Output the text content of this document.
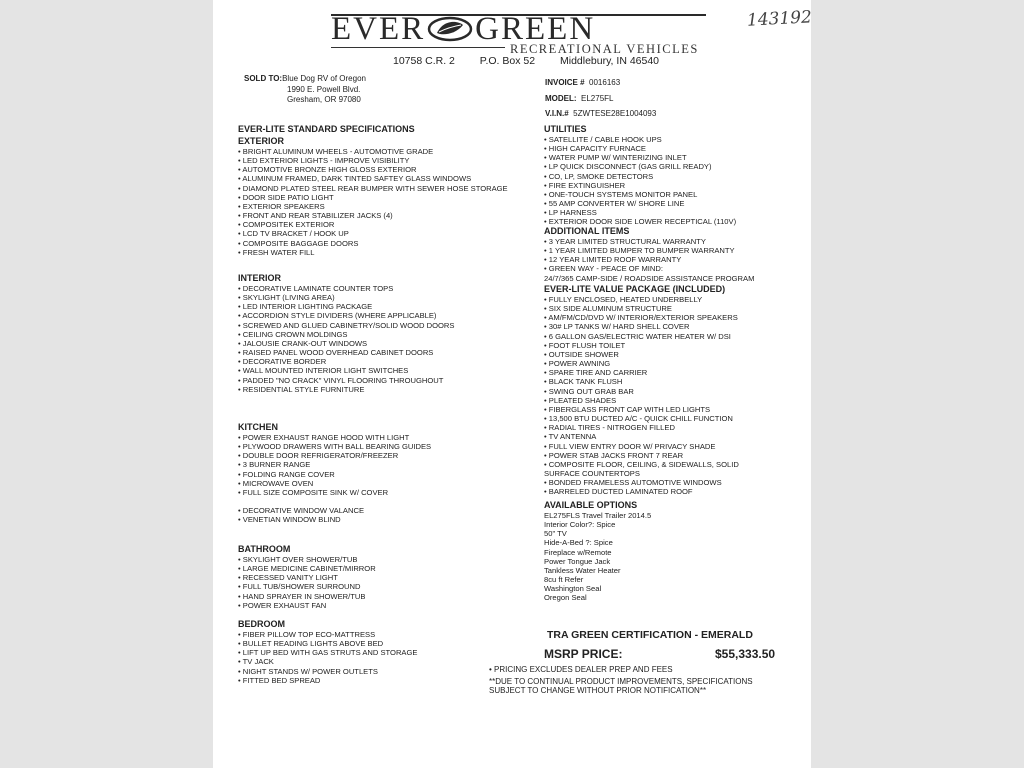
EVER GREEN
RECREATIONAL VEHICLES
10758 C.R. 2 P.O. Box 52 Middlebury, IN 46540
143192
SOLD TO:Blue Dog RV of Oregon
1990 E. Powell Blvd.
Gresham, OR 97080
INVOICE # 0016163
MODEL: EL275FL
V.I.N.# 5ZWTESE28E1004093
EVER-LITE STANDARD SPECIFICATIONS
EXTERIOR
• BRIGHT ALUMINUM WHEELS - AUTOMOTIVE GRADE
• LED EXTERIOR LIGHTS - IMPROVE VISIBILITY
• AUTOMOTIVE BRONZE HIGH GLOSS EXTERIOR
• ALUMINUM FRAMED, DARK TINTED SAFTEY GLASS WINDOWS
• DIAMOND PLATED STEEL REAR BUMPER WITH SEWER HOSE STORAGE
• DOOR SIDE PATIO LIGHT
• EXTERIOR SPEAKERS
• FRONT AND REAR STABILIZER JACKS (4)
• COMPOSITEK EXTERIOR
• LCD TV BRACKET / HOOK UP
• COMPOSITE BAGGAGE DOORS
• FRESH WATER FILL
INTERIOR
• DECORATIVE LAMINATE COUNTER TOPS
• SKYLIGHT (LIVING AREA)
• LED INTERIOR LIGHTING PACKAGE
• ACCORDION STYLE DIVIDERS (WHERE APPLICABLE)
• SCREWED AND GLUED CABINETRY/SOLID WOOD DOORS
• CEILING CROWN MOLDINGS
• JALOUSIE CRANK-OUT WINDOWS
• RAISED PANEL WOOD OVERHEAD CABINET DOORS
• DECORATIVE BORDER
• WALL MOUNTED INTERIOR LIGHT SWITCHES
• PADDED "NO CRACK" VINYL FLOORING THROUGHOUT
• RESIDENTIAL STYLE FURNITURE
KITCHEN
• POWER EXHAUST RANGE HOOD WITH LIGHT
• PLYWOOD DRAWERS WITH BALL BEARING GUIDES
• DOUBLE DOOR REFRIGERATOR/FREEZER
• 3 BURNER RANGE
• FOLDING RANGE COVER
• MICROWAVE OVEN
• FULL SIZE COMPOSITE SINK W/ COVER
• DECORATIVE WINDOW VALANCE
• VENETIAN WINDOW BLIND
BATHROOM
• SKYLIGHT OVER SHOWER/TUB
• LARGE MEDICINE CABINET/MIRROR
• RECESSED VANITY LIGHT
• FULL TUB/SHOWER SURROUND
• HAND SPRAYER IN SHOWER/TUB
• POWER EXHAUST FAN
BEDROOM
• FIBER PILLOW TOP ECO-MATTRESS
• BULLET READING LIGHTS ABOVE BED
• LIFT UP BED WITH GAS STRUTS AND STORAGE
• TV JACK
• NIGHT STANDS W/ POWER OUTLETS
• FITTED BED SPREAD
UTILITIES
• SATELLITE / CABLE HOOK UPS
• HIGH CAPACITY FURNACE
• WATER PUMP W/ WINTERIZING INLET
• LP QUICK DISCONNECT (GAS GRILL READY)
• CO, LP, SMOKE DETECTORS
• FIRE EXTINGUISHER
• ONE-TOUCH SYSTEMS MONITOR PANEL
• 55 AMP CONVERTER W/ SHORE LINE
• LP HARNESS
• EXTERIOR DOOR SIDE LOWER RECEPTICAL (110V)
ADDITIONAL ITEMS
• 3 YEAR LIMITED STRUCTURAL WARRANTY
• 1 YEAR LIMITED BUMPER TO BUMPER WARRANTY
• 12 YEAR LIMITED ROOF WARRANTY
• GREEN WAY - PEACE OF MIND:
24/7/365 CAMP-SIDE / ROADSIDE ASSISTANCE PROGRAM
EVER-LITE VALUE PACKAGE (INCLUDED)
• FULLY ENCLOSED, HEATED UNDERBELLY
• SIX SIDE ALUMINUM STRUCTURE
• AM/FM/CD/DVD W/ INTERIOR/EXTERIOR SPEAKERS
• 30# LP TANKS W/ HARD SHELL COVER
• 6 GALLON GAS/ELECTRIC WATER HEATER W/ DSI
• FOOT FLUSH TOILET
• OUTSIDE SHOWER
• POWER AWNING
• SPARE TIRE AND CARRIER
• BLACK TANK FLUSH
• SWING OUT GRAB BAR
• PLEATED SHADES
• FIBERGLASS FRONT CAP WITH LED LIGHTS
• 13,500 BTU DUCTED A/C - QUICK CHILL FUNCTION
• RADIAL TIRES - NITROGEN FILLED
• TV ANTENNA
• FULL VIEW ENTRY DOOR W/ PRIVACY SHADE
• POWER STAB JACKS FRONT 7 REAR
• COMPOSITE FLOOR, CEILING, & SIDEWALLS, SOLID
SURFACE COUNTERTOPS
• BONDED FRAMELESS AUTOMOTIVE WINDOWS
• BARRELED DUCTED LAMINATED ROOF
AVAILABLE OPTIONS
EL275FLS Travel Trailer 2014.5
Interior Color?: Spice
50" TV
Hide-A-Bed ?: Spice
Fireplace w/Remote
Power Tongue Jack
Tankless Water Heater
8cu ft Refer
Washington Seal
Oregon Seal
TRA GREEN CERTIFICATION - EMERALD
MSRP PRICE:	$55,333.50
• PRICING EXCLUDES DEALER PREP AND FEES
**DUE TO CONTINUAL PRODUCT IMPROVEMENTS, SPECIFICATIONS
SUBJECT TO CHANGE WITHOUT PRIOR NOTIFICATION**
